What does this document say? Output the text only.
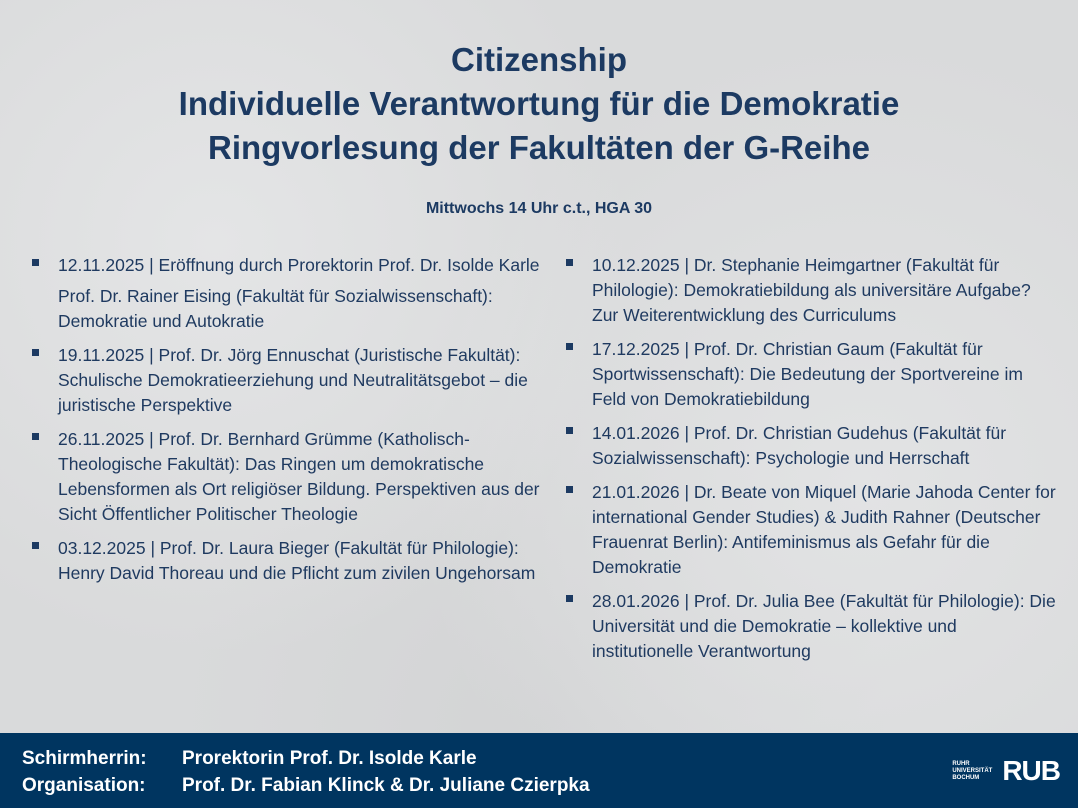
Citizenship
Individuelle Verantwortung für die Demokratie
Ringvorlesung der Fakultäten der G-Reihe
Mittwochs 14 Uhr c.t., HGA 30
12.11.2025 | Eröffnung durch Prorektorin Prof. Dr. Isolde Karle
Prof. Dr. Rainer Eising (Fakultät für Sozialwissenschaft): Demokratie und Autokratie
19.11.2025 | Prof. Dr. Jörg Ennuschat (Juristische Fakultät): Schulische Demokratieerziehung und Neutralitätsgebot – die juristische Perspektive
26.11.2025 | Prof. Dr. Bernhard Grümme (Katholisch-Theologische Fakultät): Das Ringen um demokratische Lebensformen als Ort religiöser Bildung. Perspektiven aus der Sicht Öffentlicher Politischer Theologie
03.12.2025 | Prof. Dr. Laura Bieger (Fakultät für Philologie): Henry David Thoreau und die Pflicht zum zivilen Ungehorsam
10.12.2025 | Dr. Stephanie Heimgartner (Fakultät für Philologie): Demokratiebildung als universitäre Aufgabe? Zur Weiterentwicklung des Curriculums
17.12.2025 | Prof. Dr. Christian Gaum (Fakultät für Sportwissenschaft): Die Bedeutung der Sportvereine im Feld von Demokratiebildung
14.01.2026 | Prof. Dr. Christian Gudehus (Fakultät für Sozialwissenschaft): Psychologie und Herrschaft
21.01.2026 | Dr. Beate von Miquel (Marie Jahoda Center for international Gender Studies) & Judith Rahner (Deutscher Frauenrat Berlin): Antifeminismus als Gefahr für die Demokratie
28.01.2026 | Prof. Dr. Julia Bee (Fakultät für Philologie): Die Universität und die Demokratie – kollektive und institutionelle Verantwortung
Schirmherrin: Prorektorin Prof. Dr. Isolde Karle
Organisation: Prof. Dr. Fabian Klinck & Dr. Juliane Czierpka
RUHR
UNIVERSITÄT
BOCHUM RUB
